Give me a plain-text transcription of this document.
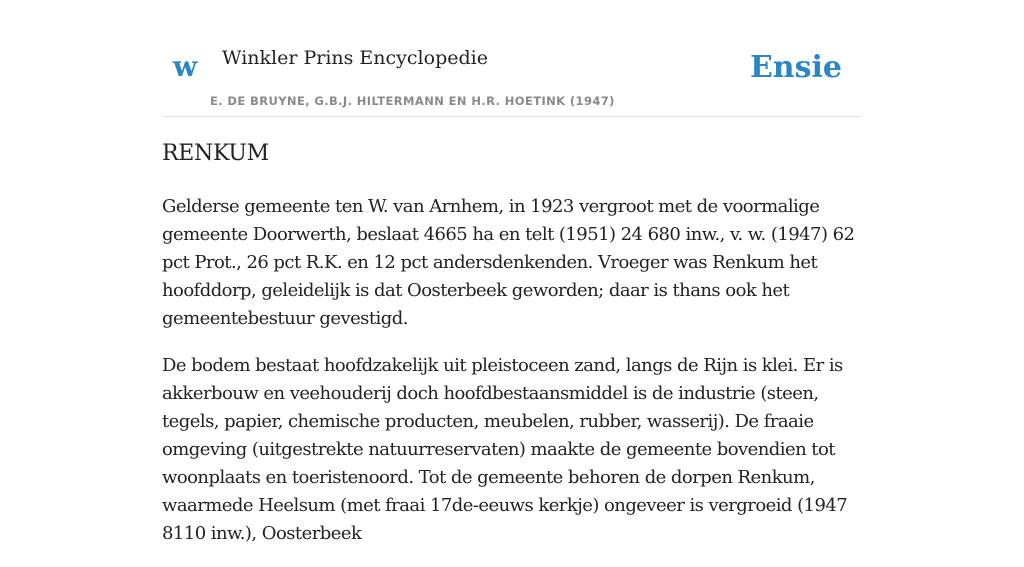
w Winkler Prins Encyclopedie
E. DE BRUYNE, G.B.J. HILTERMANN EN H.R. HOETINK (1947)
Ensie
RENKUM

Gelderse gemeente ten W. van Arnhem, in 1923 vergroot met de voormalige gemeente Doorwerth, beslaat 4665 ha en telt (1951) 24 680 inw., v. w. (1947) 62 pct Prot., 26 pct R.K. en 12 pct andersdenkenden. Vroeger was Renkum het hoofddorp, geleidelijk is dat Oosterbeek geworden; daar is thans ook het gemeentebestuur gevestigd.

De bodem bestaat hoofdzakelijk uit pleistoceen zand, langs de Rijn is klei. Er is akkerbouw en veehouderij doch hoofdbestaansmiddel is de industrie (steen, tegels, papier, chemische producten, meubelen, rubber, wasserij). De fraaie omgeving (uitgestrekte natuurreservaten) maakte de gemeente bovendien tot woonplaats en toeristenoord. Tot de gemeente behoren de dorpen Renkum, waarmede Heelsum (met fraai 17de-eeuws kerkje) ongeveer is vergroeid (1947 8110 inw.), Oosterbeek
